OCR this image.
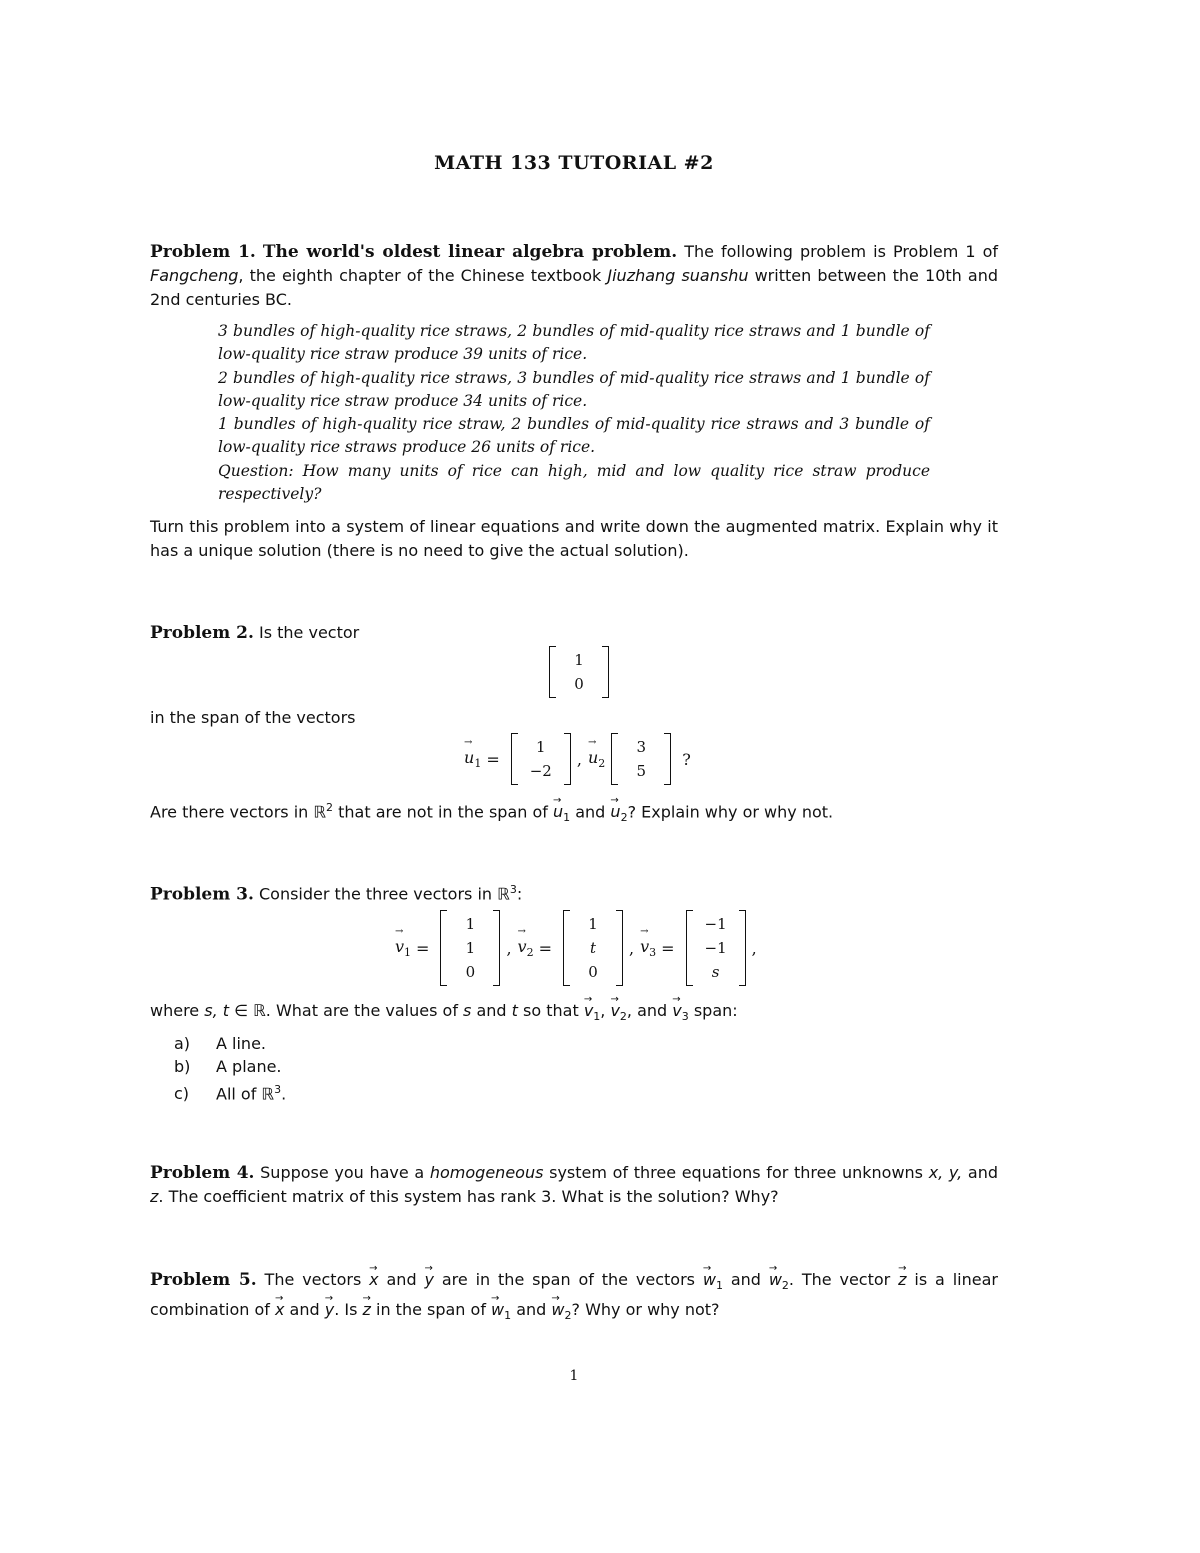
MATH 133 TUTORIAL #2
Problem 1. The world's oldest linear algebra problem. The following problem is Problem 1 of Fangcheng, the eighth chapter of the Chinese textbook Jiuzhang suanshu written between the 10th and 2nd centuries BC.

3 bundles of high-quality rice straws, 2 bundles of mid-quality rice straws and 1 bundle of low-quality rice straw produce 39 units of rice.

2 bundles of high-quality rice straws, 3 bundles of mid-quality rice straws and 1 bundle of low-quality rice straw produce 34 units of rice.

1 bundles of high-quality rice straw, 2 bundles of mid-quality rice straws and 3 bundle of low-quality rice straws produce 26 units of rice.

Question: How many units of rice can high, mid and low quality rice straw produce respectively?

Turn this problem into a system of linear equations and write down the augmented matrix. Explain why it has a unique solution (there is no need to give the actual solution).
Problem 2. Is the vector
1
0
in the span of the vectors
→ $u_1$ =
1
−2
, → $u_2$
3
5
?
Are there vectors in ℝ$^2$ that are not in the span of → $u_1$ and → $u_2$? Explain why or why not.
Problem 3. Consider the three vectors in ℝ$^3$:
→ $v_1$ =
1
1
0
, → $v_2$ =
1
t
0
, → $v_3$ =
−1
−1
s
,
where s, t ∈ ℝ. What are the values of s and t so that → $v_1$, → $v_2$, and → $v_3$ span:
a) A line.
b) A plane.
c) All of ℝ$^3$.
Problem 4. Suppose you have a homogeneous system of three equations for three unknowns x, y, and z. The coefficient matrix of this system has rank 3. What is the solution? Why?
Problem 5. The vectors → x and → y are in the span of the vectors → $w_1$ and → $w_2$. The vector → z is a linear combination of → x and → y. Is → z in the span of → $w_1$ and → $w_2$? Why or why not?
1
